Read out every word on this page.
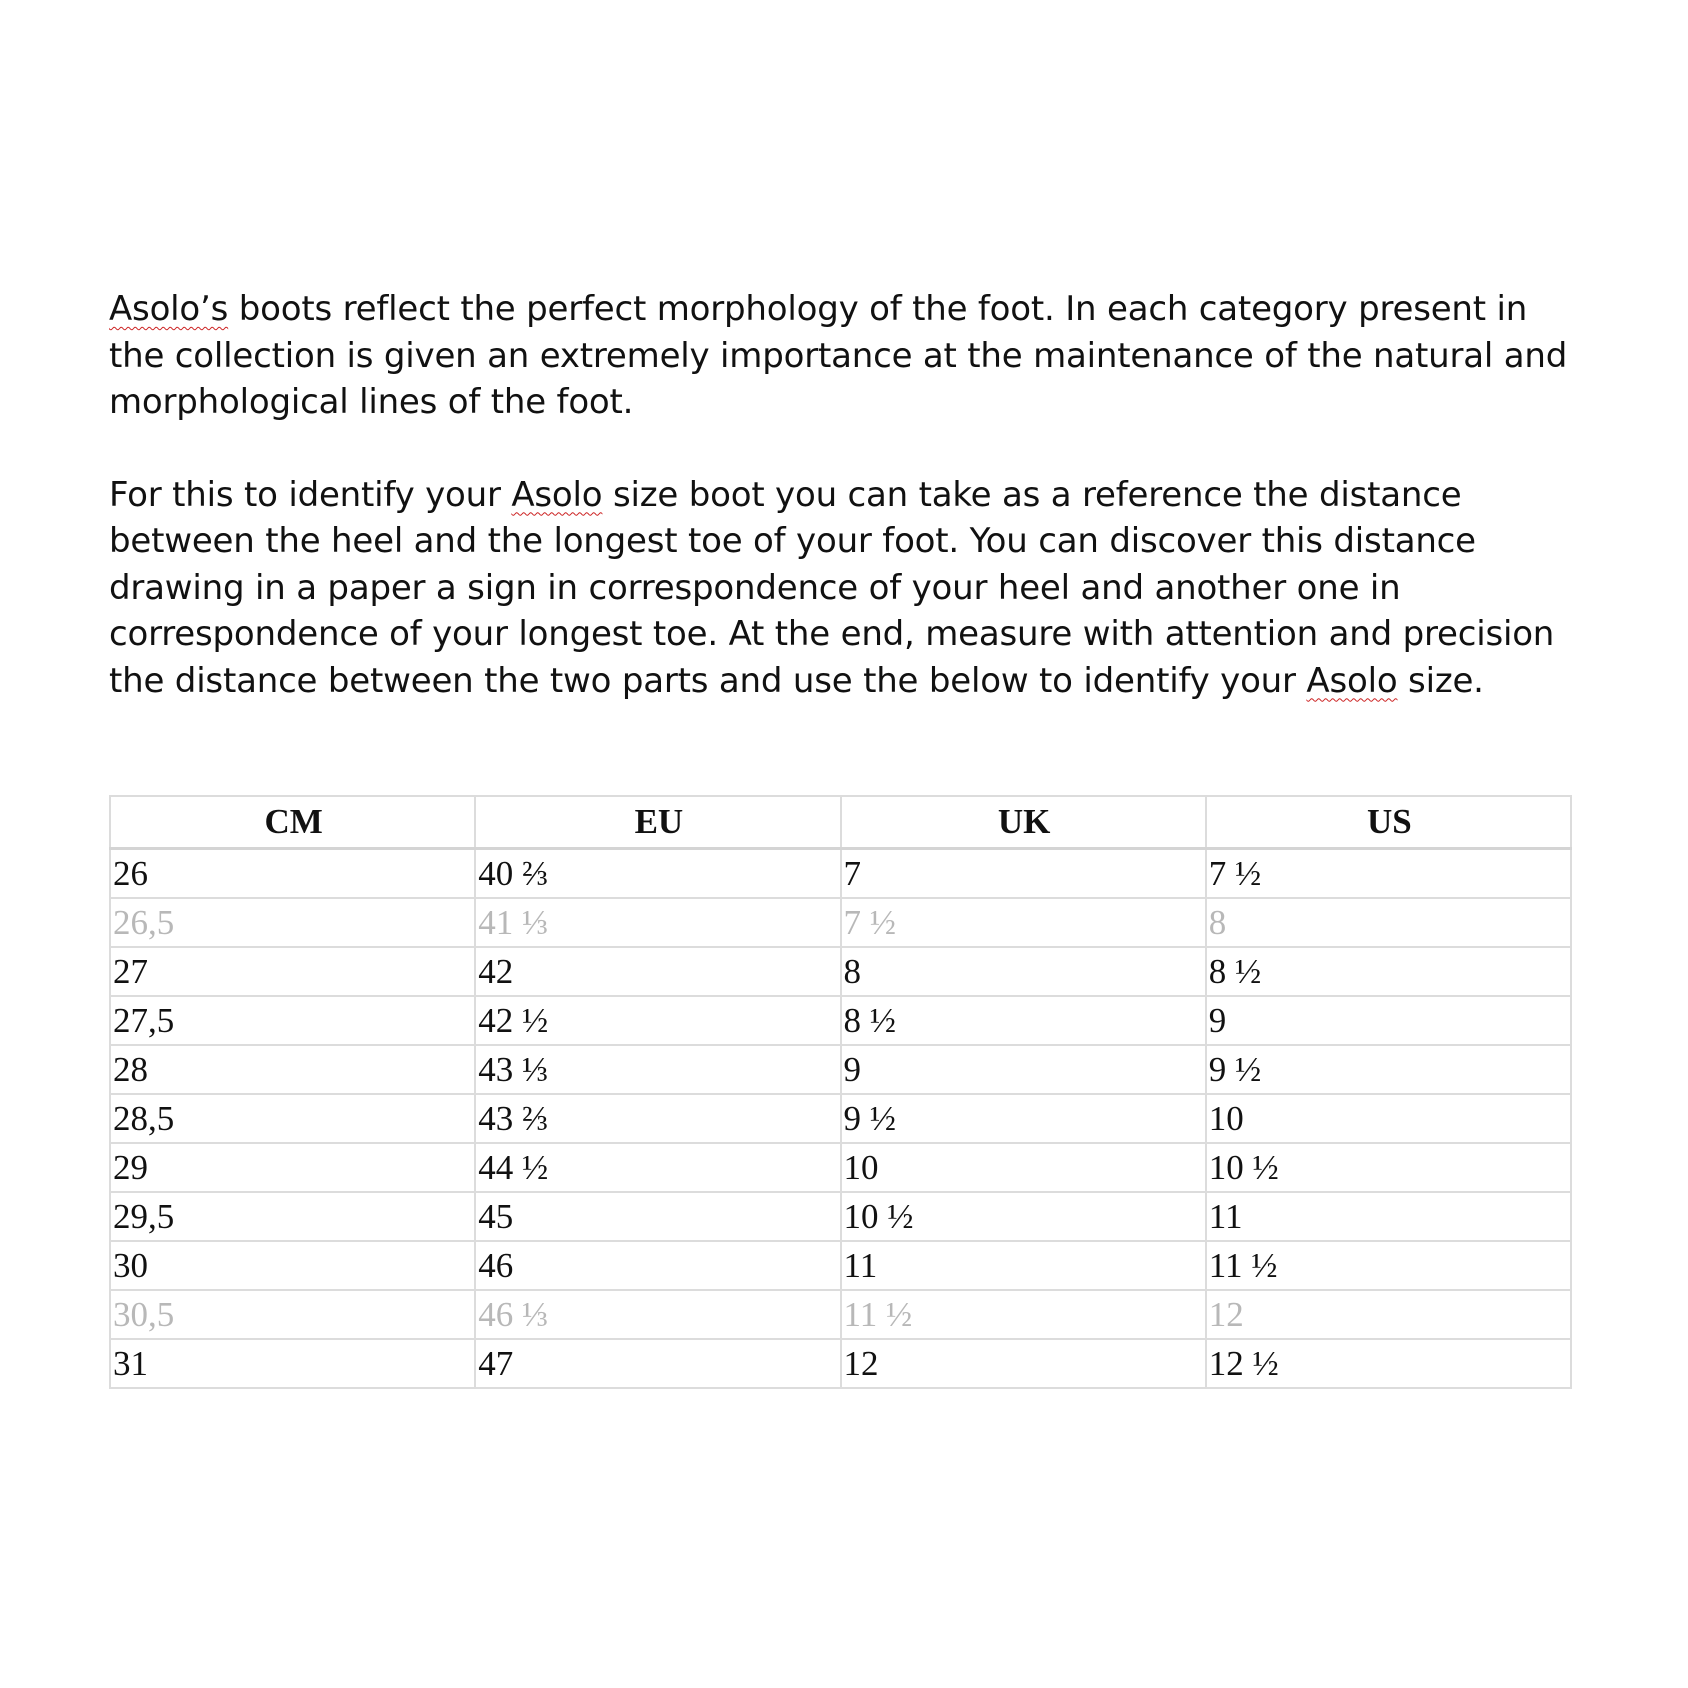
Asolo’s boots reflect the perfect morphology of the foot. In each category present in the collection is given an extremely importance at the maintenance of the natural and morphological lines of the foot.

For this to identify your Asolo size boot you can take as a reference the distance between the heel and the longest toe of your foot. You can discover this distance drawing in a paper a sign in correspondence of your heel and another one in correspondence of your longest toe. At the end, measure with attention and precision the distance between the two parts and use the below to identify your Asolo size.

CM	EU	UK	US
26	40 ⅔	7	7 ½
26,5	41 ⅓	7 ½	8
27	42	8	8 ½
27,5	42 ½	8 ½	9
28	43 ⅓	9	9 ½
28,5	43 ⅔	9 ½	10
29	44 ½	10	10 ½
29,5	45	10 ½	11
30	46	11	11 ½
30,5	46 ⅓	11 ½	12
31	47	12	12 ½
